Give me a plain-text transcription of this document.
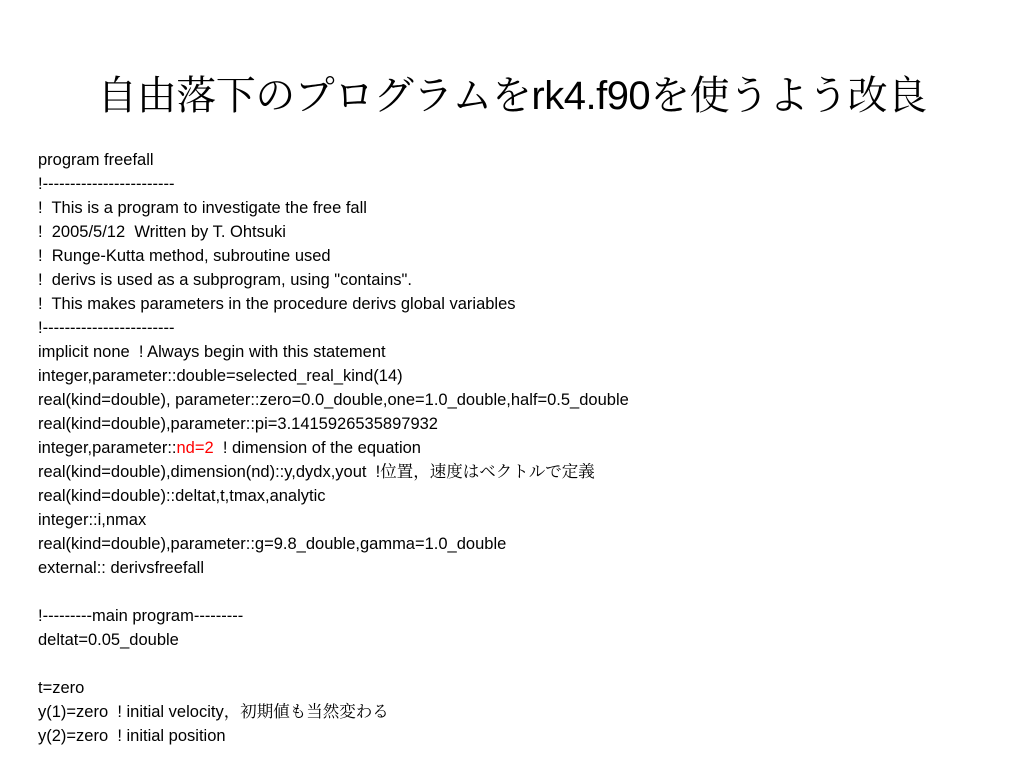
自由落下のプログラムをrk4.f90を使うよう改良
program freefall
!------------------------
!  This is a program to investigate the free fall
!  2005/5/12  Written by T. Ohtsuki
!  Runge-Kutta method, subroutine used
!  derivs is used as a subprogram, using "contains".
!  This makes parameters in the procedure derivs global variables
!------------------------
implicit none  ! Always begin with this statement
integer,parameter::double=selected_real_kind(14)
real(kind=double), parameter::zero=0.0_double,one=1.0_double,half=0.5_double
real(kind=double),parameter::pi=3.1415926535897932
integer,parameter::nd=2  ! dimension of the equation
real(kind=double),dimension(nd)::y,dydx,yout  !位置，速度はベクトルで定義
real(kind=double)::deltat,t,tmax,analytic
integer::i,nmax
real(kind=double),parameter::g=9.8_double,gamma=1.0_double
external:: derivsfreefall
!---------main program---------
deltat=0.05_double
t=zero
y(1)=zero  ! initial velocity，初期値も当然変わる
y(2)=zero  ! initial position
